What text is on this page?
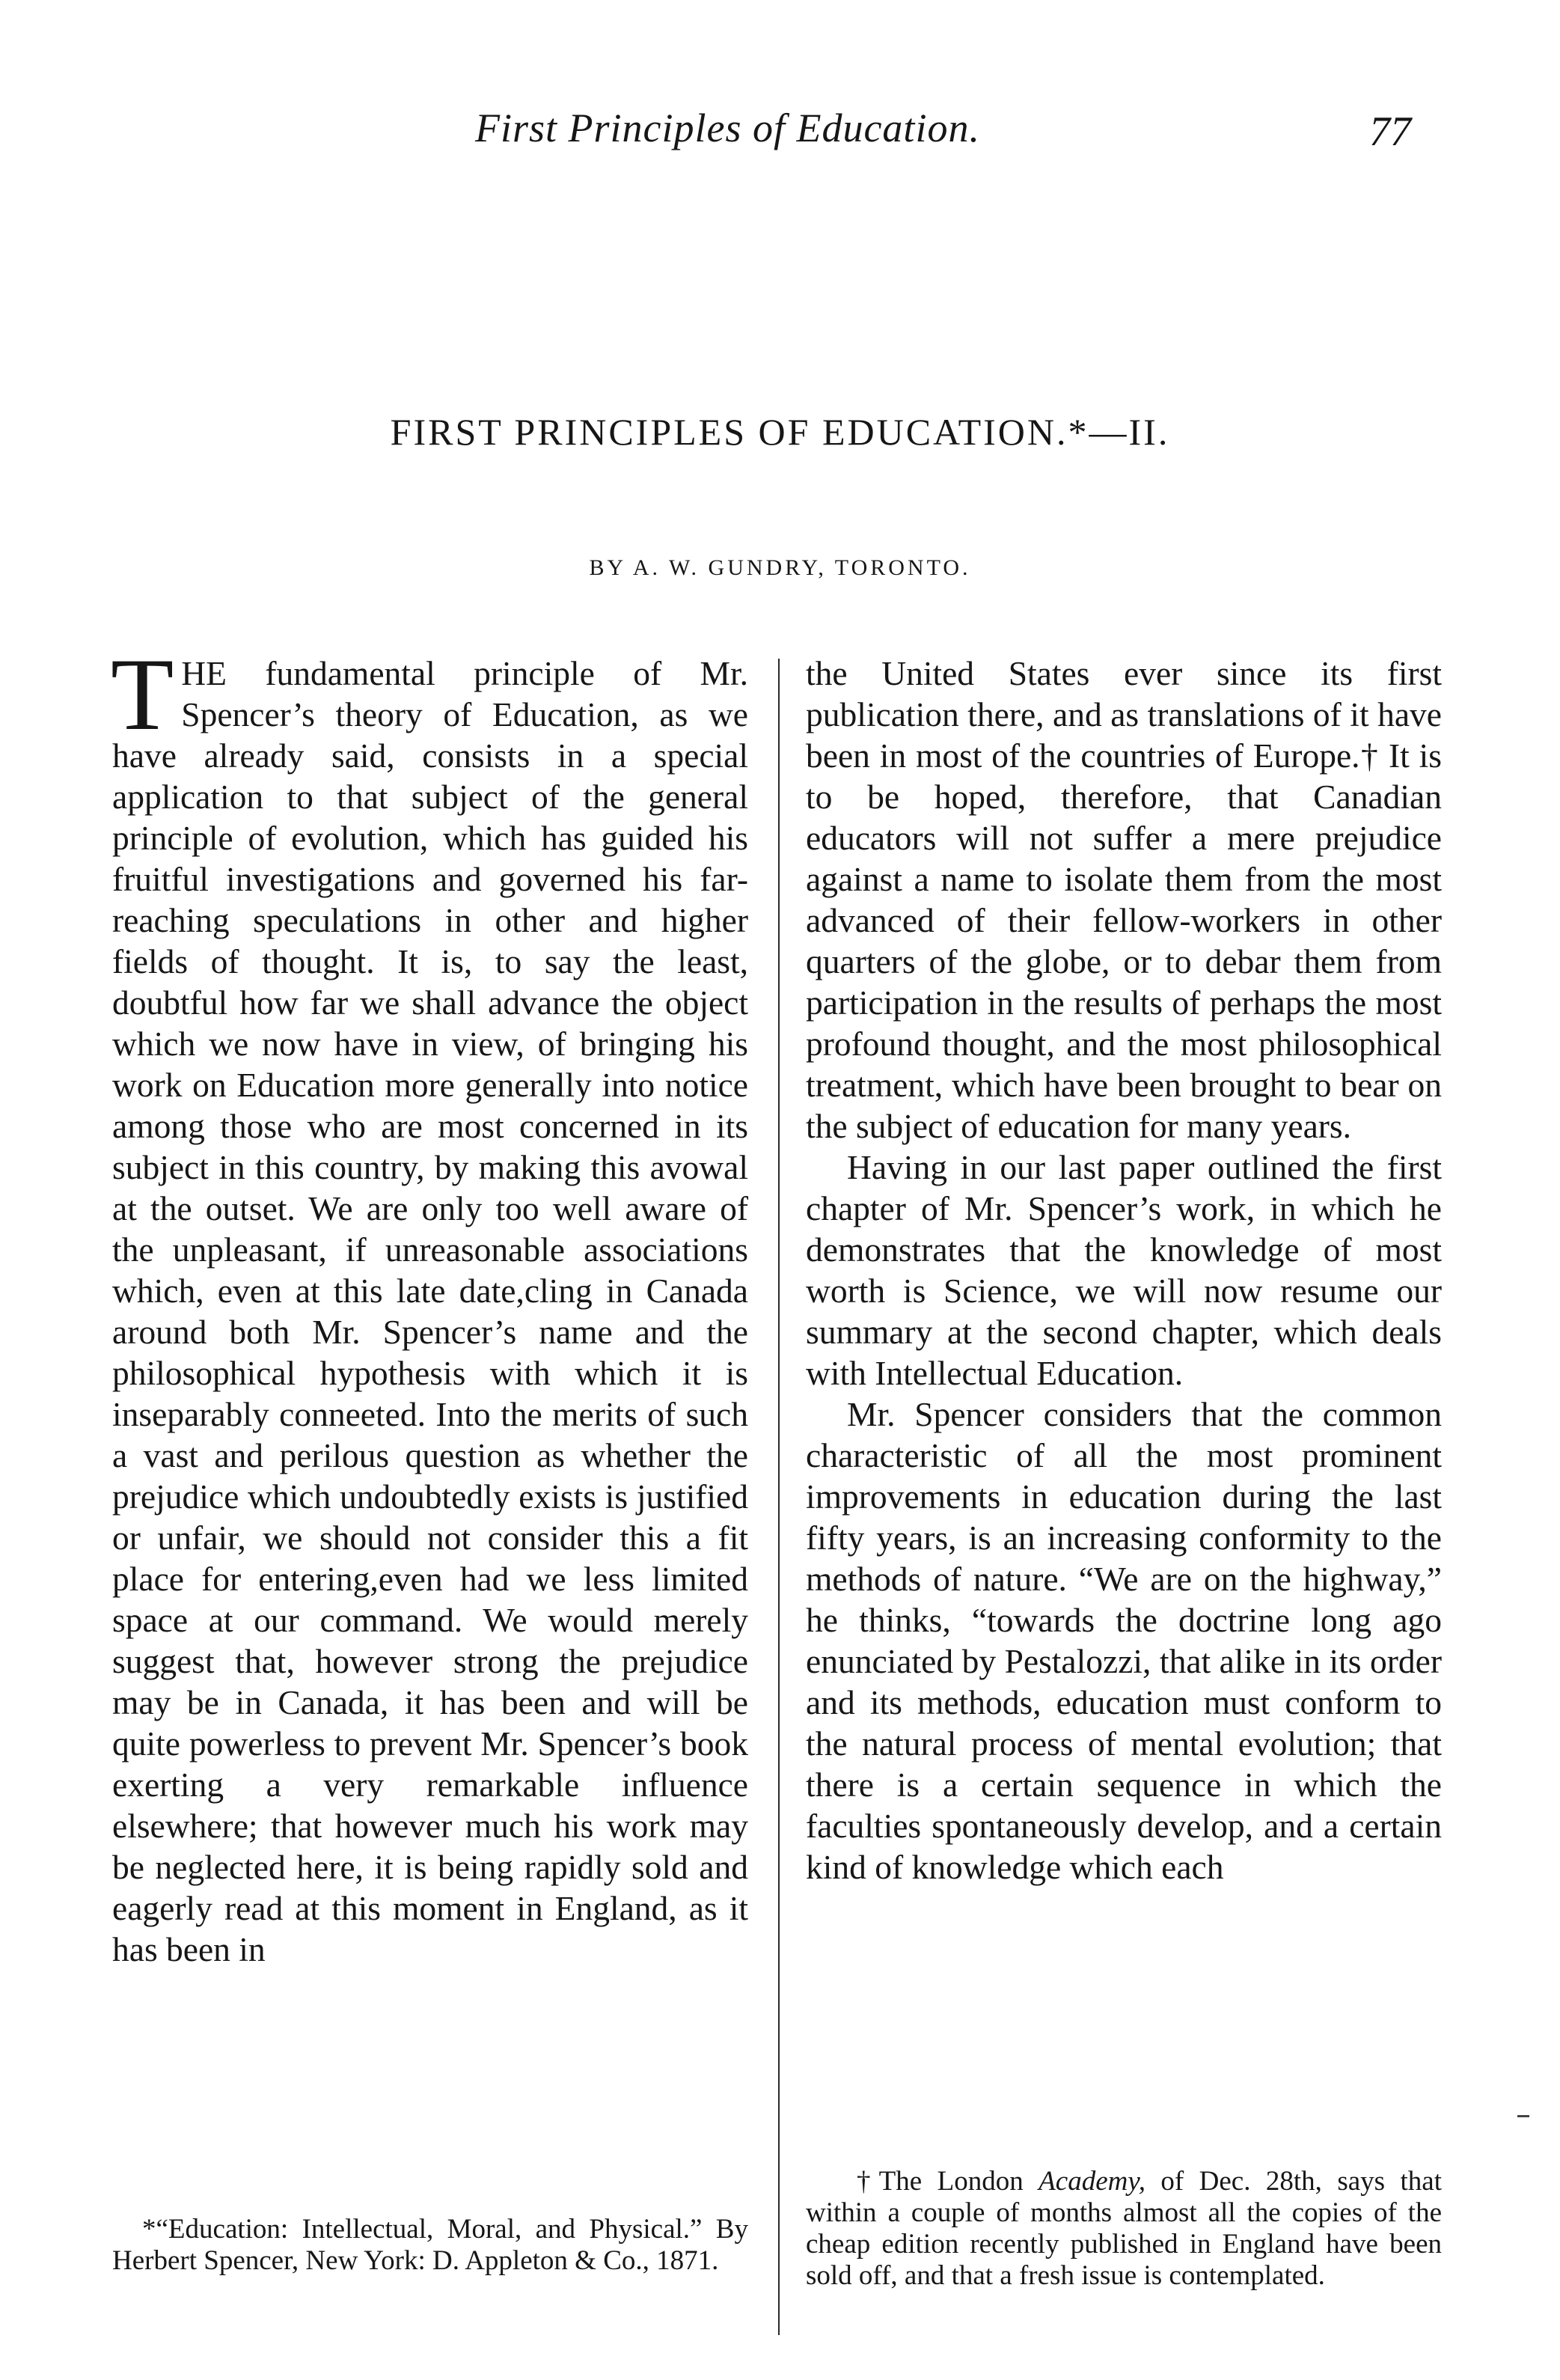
First Principles of Education.	77
FIRST PRINCIPLES OF EDUCATION.*—II.
BY A. W. GUNDRY, TORONTO.

THE fundamental principle of Mr. Spencer’s theory of Education, as we have already said, consists in a special application to that subject of the general principle of evolution, which has guided his fruitful investigations and governed his far-reaching speculations in other and higher fields of thought. It is, to say the least, doubtful how far we shall advance the object which we now have in view, of bringing his work on Education more generally into notice among those who are most concerned in its subject in this country, by making this avowal at the outset. We are only too well aware of the unpleasant, if unreasonable associations which, even at this late date,cling in Canada around both Mr. Spencer’s name and the philosophical hypothesis with which it is inseparably conneeted. Into the merits of such a vast and perilous question as whether the prejudice which undoubtedly exists is justified or unfair, we should not consider this a fit place for entering,even had we less limited space at our command. We would merely suggest that, however strong the prejudice may be in Canada, it has been and will be quite powerless to prevent Mr. Spencer’s book exerting a very remarkable influence elsewhere; that however much his work may be neglected here, it is being rapidly sold and eagerly read at this moment in England, as it has been in

the United States ever since its first publication there, and as translations of it have been in most of the countries of Europe.† It is to be hoped, therefore, that Canadian educators will not suffer a mere prejudice against a name to isolate them from the most advanced of their fellow-workers in other quarters of the globe, or to debar them from participation in the results of perhaps the most profound thought, and the most philosophical treatment, which have been brought to bear on the subject of education for many years.

Having in our last paper outlined the first chapter of Mr. Spencer’s work, in which he demonstrates that the knowledge of most worth is Science, we will now resume our summary at the second chapter, which deals with Intellectual Education.

Mr. Spencer considers that the common characteristic of all the most prominent improvements in education during the last fifty years, is an increasing conformity to the methods of nature. “We are on the highway,” he thinks, “towards the doctrine long ago enunciated by Pestalozzi, that alike in its order and its methods, education must conform to the natural process of mental evolution; that there is a certain sequence in which the faculties spontaneously develop, and a certain kind of knowledge which each

*“Education: Intellectual, Moral, and Physical.” By Herbert Spencer, New York: D. Appleton & Co., 1871.

†The London Academy, of Dec. 28th, says that within a couple of months almost all the copies of the cheap edition recently published in England have been sold off, and that a fresh issue is contemplated.
